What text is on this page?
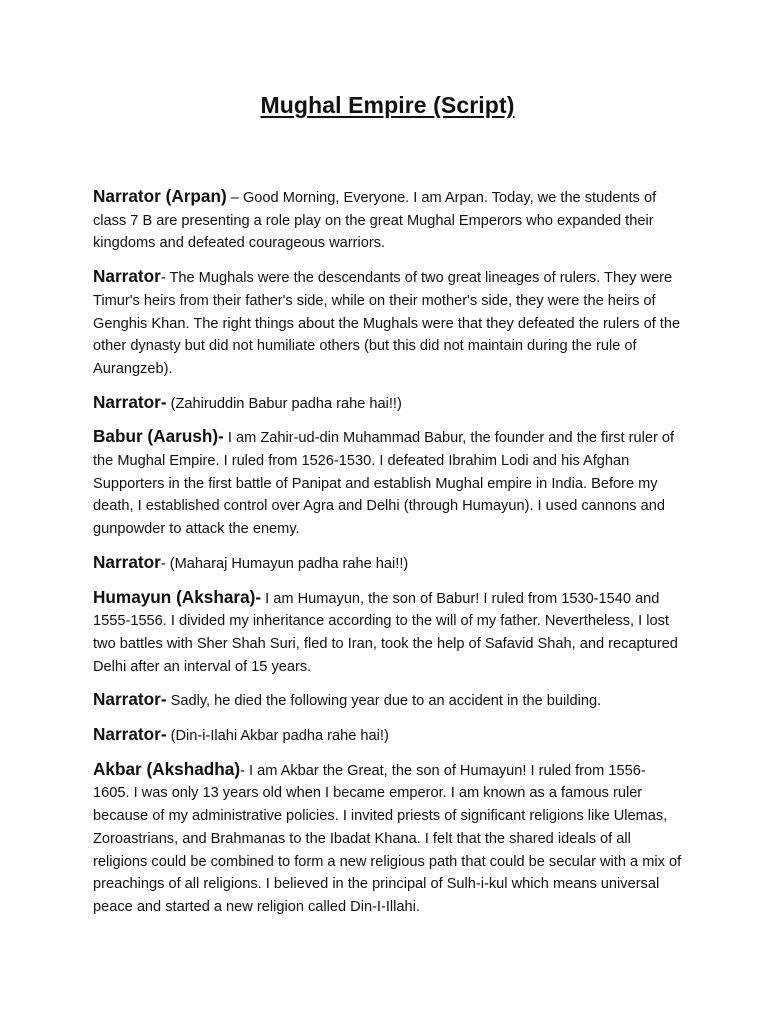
Mughal Empire (Script)

Narrator (Arpan) – Good Morning, Everyone. I am Arpan. Today, we the students of class 7 B are presenting a role play on the great Mughal Emperors who expanded their kingdoms and defeated courageous warriors.

Narrator- The Mughals were the descendants of two great lineages of rulers. They were Timur's heirs from their father's side, while on their mother's side, they were the heirs of Genghis Khan. The right things about the Mughals were that they defeated the rulers of the other dynasty but did not humiliate others (but this did not maintain during the rule of Aurangzeb).

Narrator- (Zahiruddin Babur padha rahe hai!!)

Babur (Aarush)- I am Zahir-ud-din Muhammad Babur, the founder and the first ruler of the Mughal Empire. I ruled from 1526-1530. I defeated Ibrahim Lodi and his Afghan Supporters in the first battle of Panipat and establish Mughal empire in India. Before my death, I established control over Agra and Delhi (through Humayun). I used cannons and gunpowder to attack the enemy.

Narrator- (Maharaj Humayun padha rahe hai!!)

Humayun (Akshara)- I am Humayun, the son of Babur! I ruled from 1530-1540 and 1555-1556. I divided my inheritance according to the will of my father. Nevertheless, I lost two battles with Sher Shah Suri, fled to Iran, took the help of Safavid Shah, and recaptured Delhi after an interval of 15 years.

Narrator- Sadly, he died the following year due to an accident in the building.

Narrator- (Din-i-Ilahi Akbar padha rahe hai!)

Akbar (Akshadha)- I am Akbar the Great, the son of Humayun! I ruled from 1556-1605. I was only 13 years old when I became emperor. I am known as a famous ruler because of my administrative policies. I invited priests of significant religions like Ulemas, Zoroastrians, and Brahmanas to the Ibadat Khana. I felt that the shared ideals of all religions could be combined to form a new religious path that could be secular with a mix of preachings of all religions. I believed in the principal of Sulh-i-kul which means universal peace and started a new religion called Din-I-Illahi.
